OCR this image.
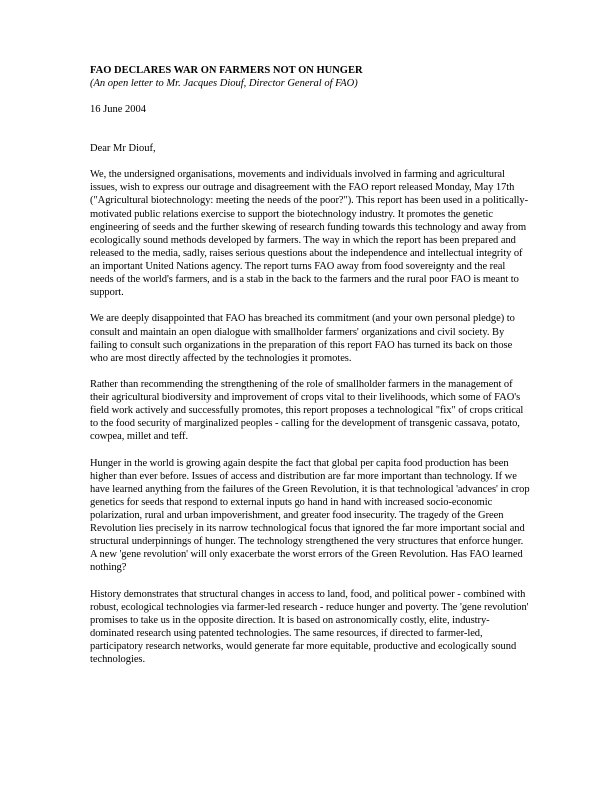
FAO DECLARES WAR ON FARMERS NOT ON HUNGER

(An open letter to Mr. Jacques Diouf, Director General of FAO)

16 June 2004

Dear Mr Diouf,

We, the undersigned organisations, movements and individuals involved in farming and agricultural issues, wish to express our outrage and disagreement with the FAO report released Monday, May 17th ("Agricultural biotechnology: meeting the needs of the poor?"). This report has been used in a politically-motivated public relations exercise to support the biotechnology industry. It promotes the genetic engineering of seeds and the further skewing of research funding towards this technology and away from ecologically sound methods developed by farmers. The way in which the report has been prepared and released to the media, sadly, raises serious questions about the independence and intellectual integrity of an important United Nations agency. The report turns FAO away from food sovereignty and the real needs of the world's farmers, and is a stab in the back to the farmers and the rural poor FAO is meant to support.

We are deeply disappointed that FAO has breached its commitment (and your own personal pledge) to consult and maintain an open dialogue with smallholder farmers' organizations and civil society. By failing to consult such organizations in the preparation of this report FAO has turned its back on those who are most directly affected by the technologies it promotes.

Rather than recommending the strengthening of the role of smallholder farmers in the management of their agricultural biodiversity and improvement of crops vital to their livelihoods, which some of FAO's field work actively and successfully promotes, this report proposes a technological "fix" of crops critical to the food security of marginalized peoples - calling for the development of transgenic cassava, potato, cowpea, millet and teff.

Hunger in the world is growing again despite the fact that global per capita food production has been higher than ever before. Issues of access and distribution are far more important than technology. If we have learned anything from the failures of the Green Revolution, it is that technological 'advances' in crop genetics for seeds that respond to external inputs go hand in hand with increased socio-economic polarization, rural and urban impoverishment, and greater food insecurity. The tragedy of the Green Revolution lies precisely in its narrow technological focus that ignored the far more important social and structural underpinnings of hunger. The technology strengthened the very structures that enforce hunger. A new 'gene revolution' will only exacerbate the worst errors of the Green Revolution. Has FAO learned nothing?

History demonstrates that structural changes in access to land, food, and political power - combined with robust, ecological technologies via farmer-led research - reduce hunger and poverty. The 'gene revolution' promises to take us in the opposite direction. It is based on astronomically costly, elite, industry-dominated research using patented technologies. The same resources, if directed to farmer-led, participatory research networks, would generate far more equitable, productive and ecologically sound technologies.
